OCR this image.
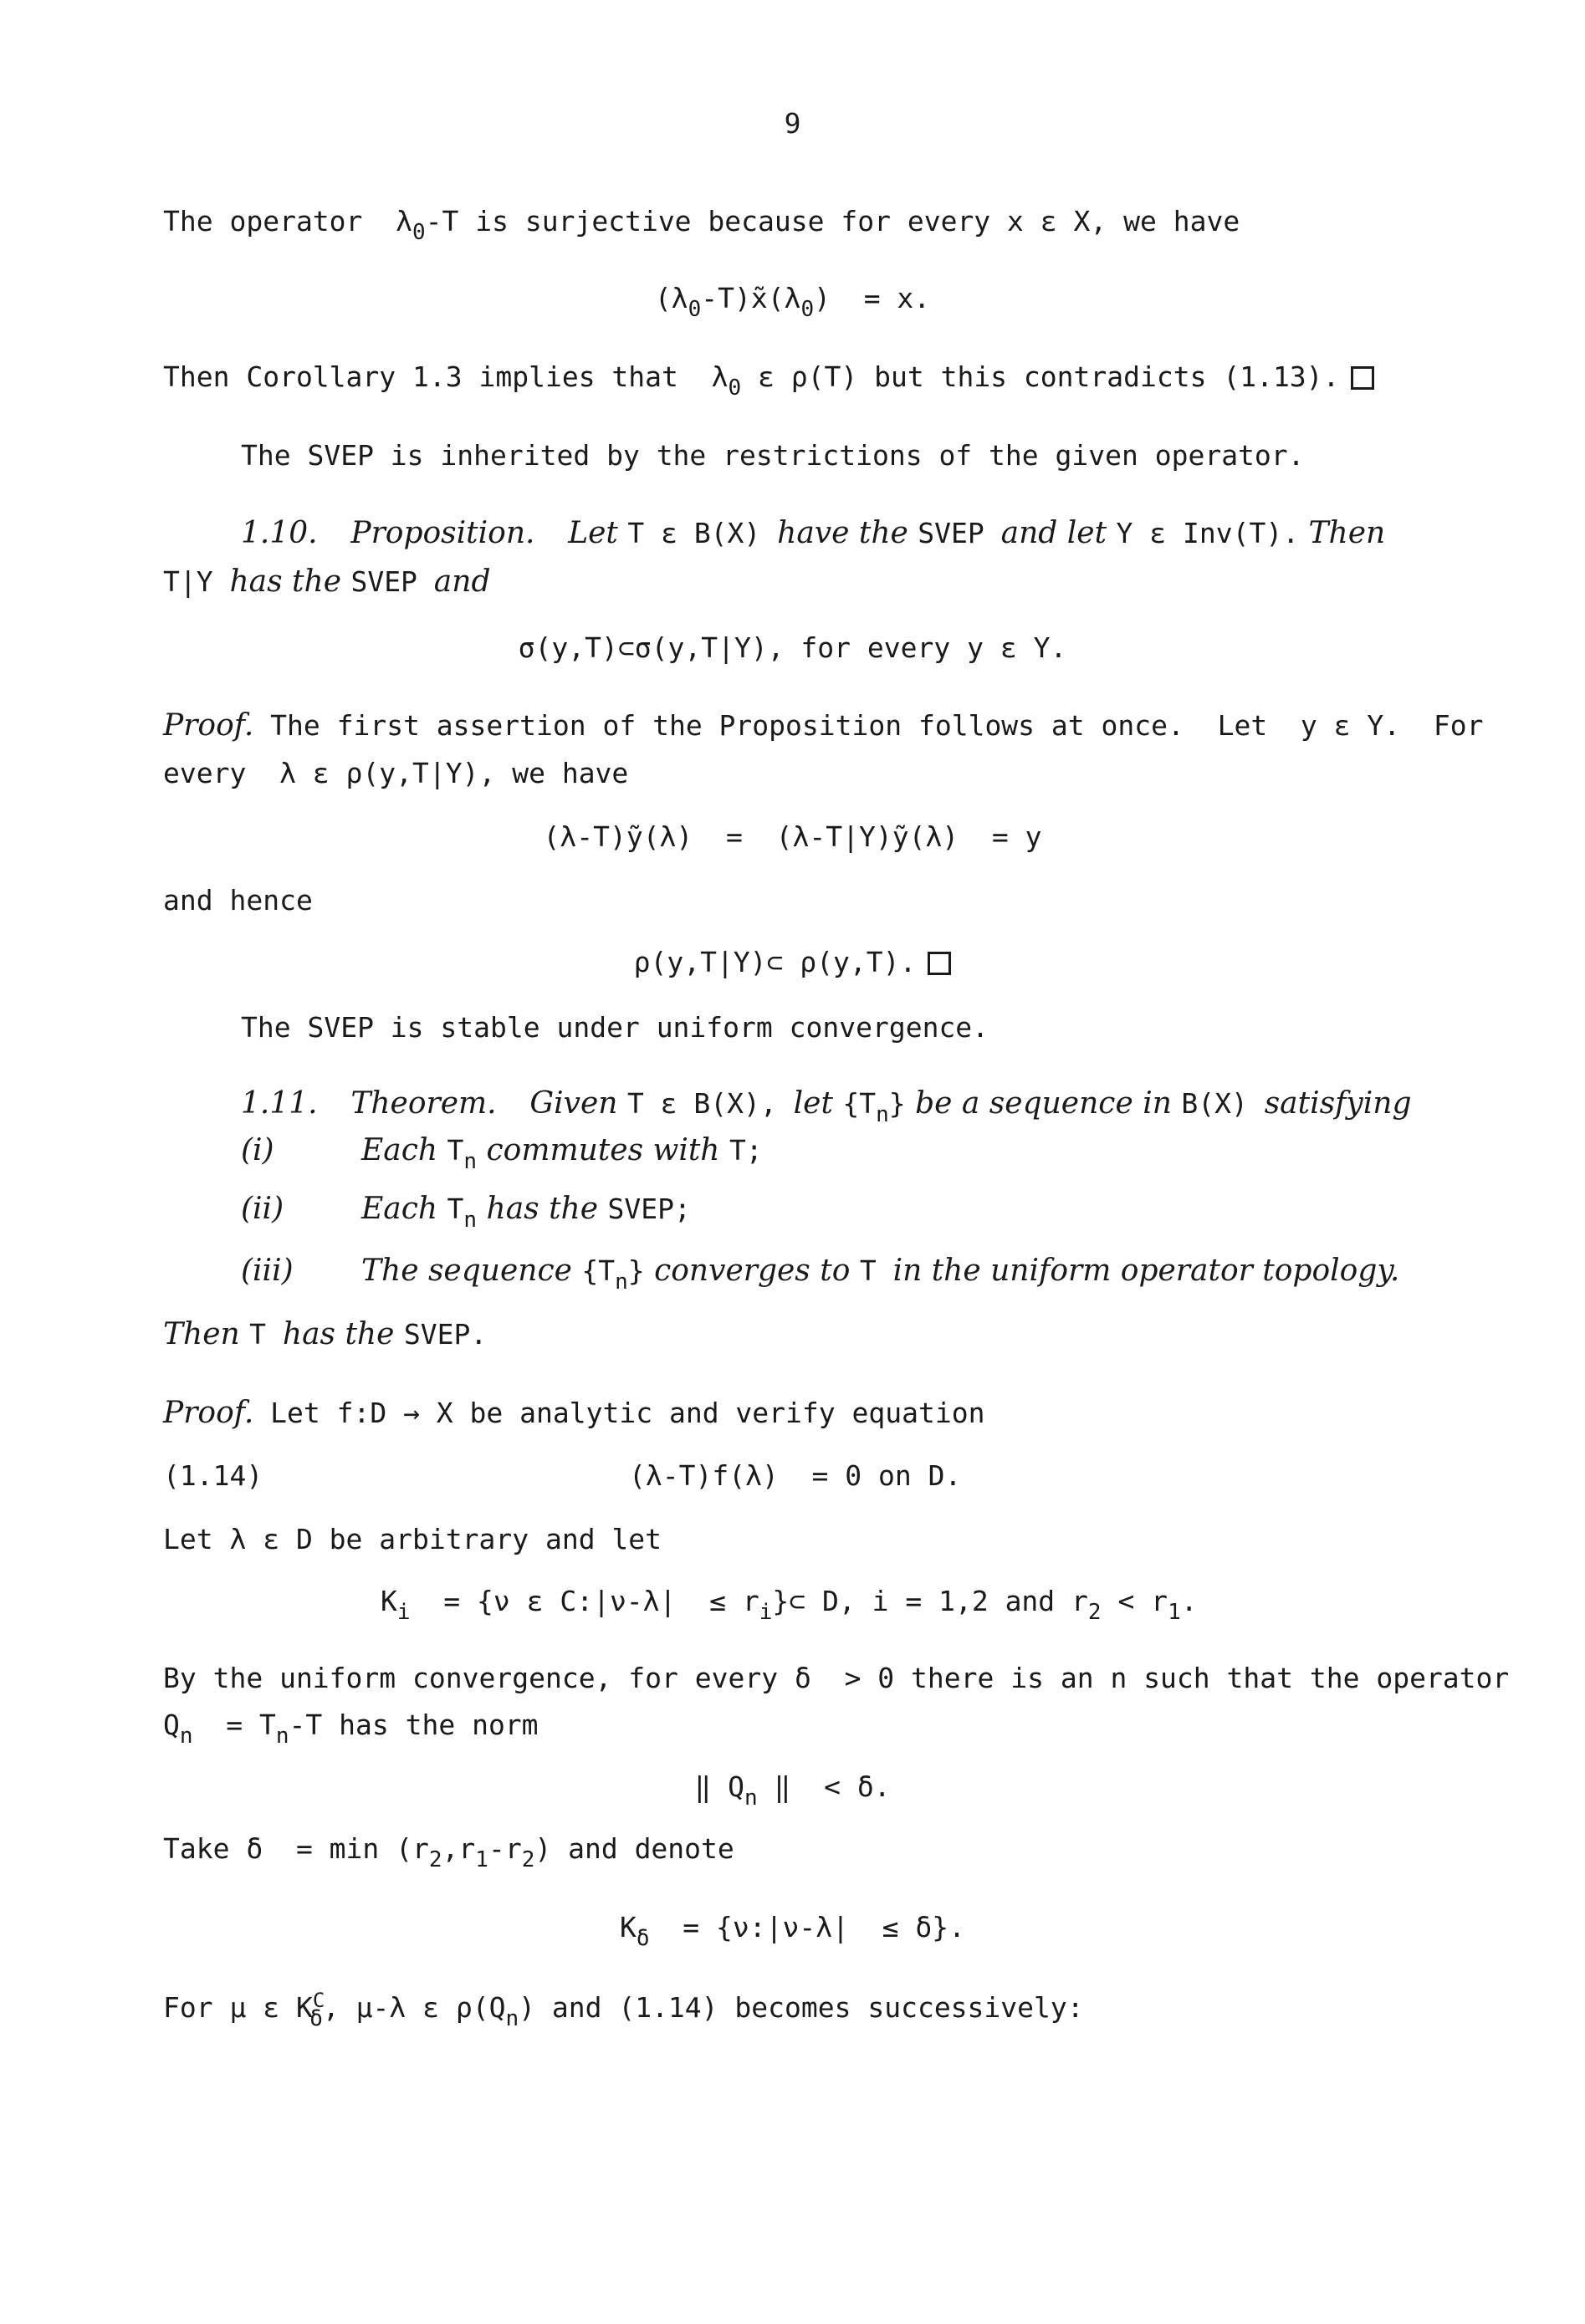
9
The operator  $\lambda_0-T$ is surjective because for every x ε X, we have
$(\lambda_0-T)x̃(\lambda_0) = x$.
Then Corollary 1.3 implies that  $\lambda_0$ ε ρ(T) but this contradicts (1.13).
The SVEP is inherited by the restrictions of the given operator.
1.10. Proposition. Let T ε B(X) have the SVEP and let Y ε Inv(T). Then
T|Y has the SVEP and
σ(y,T)⊂σ(y,T|Y), for every y ε Y.
Proof. The first assertion of the Proposition follows at once.  Let  y ε Y.  For
every  λ ε ρ(y,T|Y), we have
(λ-T)ỹ(λ)  =  (λ-T|Y)ỹ(λ)  = y
and hence
ρ(y,T|Y)⊂ ρ(y,T).
The SVEP is stable under uniform convergence.
1.11. Theorem. Given T ε B(X), let $\{T_n\}$ be a sequence in B(X) satisfying
(i)	Each $T_n$ commutes with T;
(ii)	Each $T_n$ has the SVEP;
(iii) The sequence $\{T_n\}$ converges to T in the uniform operator topology.
Then T has the SVEP.
Proof. Let f:D → X be analytic and verify equation
(1.14)	(λ-T)f(λ)  = 0 on D.
Let λ ε D be arbitrary and let
$K_i = \{\nu$ ε C:|ν-λ|  ≤ $r_i\}\subset$ D, i = 1,2 and $r_2 < r_1$.
By the uniform convergence, for every δ  > 0 there is an n such that the operator
$Q_n = T_n-T$ has the norm
‖ $Q_n$ ‖  < δ.
Take $\delta = \min (r_2,r_1-r_2)$ and denote
$K_\delta$  = {ν:|ν-λ|  ≤ δ}.
For μ ε $K^C_\delta$, μ-λ ε $\rho(Q_n)$ and (1.14) becomes successively:
